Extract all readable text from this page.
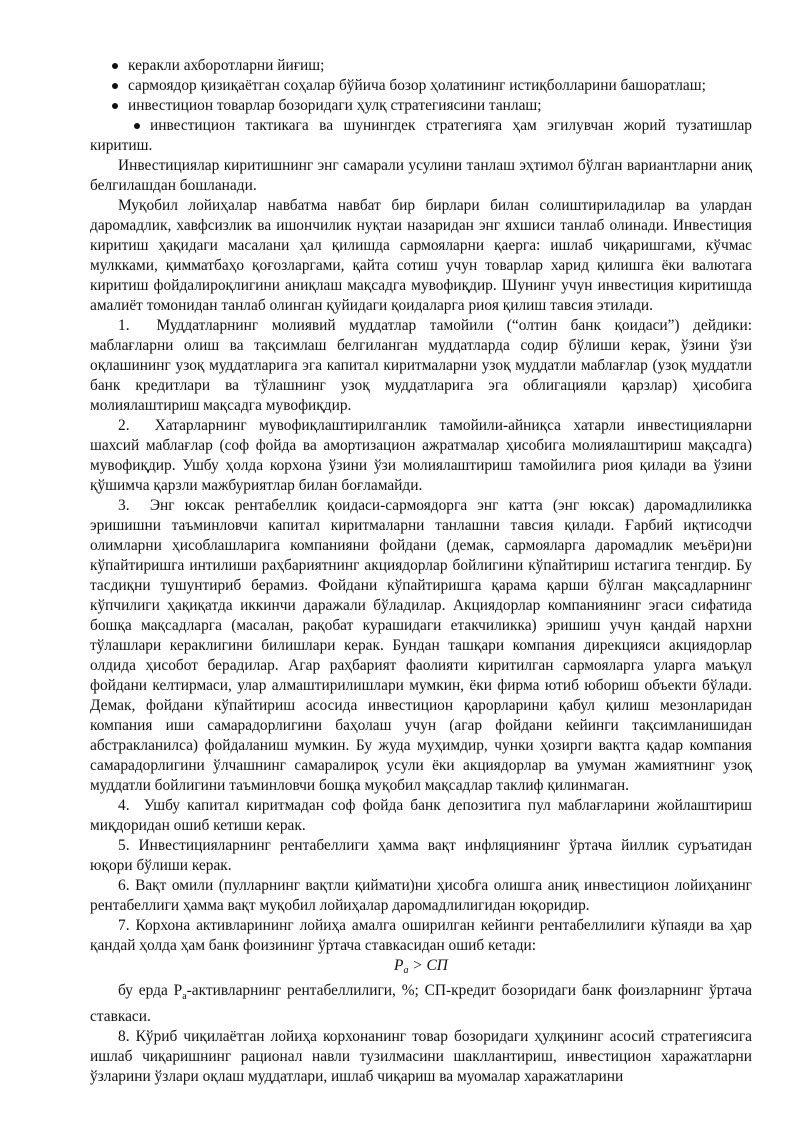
керакли ахборотларни йиғиш;
сармоядор қизиқаётган соҳалар бўйича бозор ҳолатининг истиқболларини башоратлаш;
инвестицион товарлар бозоридаги ҳулқ стратегиясини танлаш;
инвестицион тактикага ва шунингдек стратегияга ҳам эгилувчан жорий тузатишлар киритиш.

Инвестициялар киритишнинг энг самарали усулини танлаш эҳтимол бўлган вариантларни аниқ белгилашдан бошланади.

Муқобил лойиҳалар навбатма навбат бир бирлари билан солиштириладилар ва улардан даромадлик, хавфсизлик ва ишончилик нуқтаи назаридан энг яхшиси танлаб олинади. Инвестиция киритиш ҳақидаги масалани ҳал қилишда сармояларни қаерга: ишлаб чиқаришгами, кўчмас мулкками, қимматбаҳо қоғозларгами, қайта сотиш учун товарлар харид қилишга ёки валютага киритиш фойдалироқлигини аниқлаш мақсадга мувофиқдир. Шунинг учун инвестиция киритишда амалиёт томонидан танлаб олинган қуйидаги қоидаларга риоя қилиш тавсия этилади.

1.  Муддатларнинг молиявий муддатлар тамойили (“олтин банк қоидаси”) дейдики: маблағларни олиш ва тақсимлаш белгиланган муддатларда содир бўлиши керак, ўзини ўзи оқлашининг узоқ муддатларига эга капитал киритмаларни узоқ муддатли маблағлар (узоқ муддатли банк кредитлари ва тўлашнинг узоқ муддатларига эга облигацияли қарзлар) ҳисобига молиялаштириш мақсадга мувофиқдир.

2.  Хатарларнинг мувофиқлаштирилганлик тамойили-айниқса хатарли инвестицияларни шахсий маблағлар (соф фойда ва амортизацион ажратмалар ҳисобига молиялаштириш мақсадга) мувофиқдир. Ушбу ҳолда корхона ўзини ўзи молиялаштириш тамойилига риоя қилади ва ўзини қўшимча қарзли мажбуриятлар билан боғламайди.

3.  Энг юксак рентабеллик қоидаси-сармоядорга энг катта (энг юксак) даромадлиликка эришишни таъминловчи капитал киритмаларни танлашни тавсия қилади. Ғарбий иқтисодчи олимларни ҳисоблашларига компанияни фойдани (демак, сармояларга даромадлик меъёри)ни кўпайтиришга интилиши раҳбариятнинг акциядорлар бойлигини кўпайтириш истагига тенгдир. Бу тасдиқни тушунтириб берамиз. Фойдани кўпайтиришга қарама қарши бўлган мақсадларнинг кўпчилиги ҳақиқатда иккинчи даражали бўладилар. Акциядорлар компаниянинг эгаси сифатида бошқа мақсадларга (масалан, рақобат курашидаги етакчиликка) эришиш учун қандай нархни тўлашлари кераклигини билишлари керак. Бундан ташқари компания дирекцияси акциядорлар олдида ҳисобот берадилар. Агар раҳбарият фаолияти киритилган сармояларга уларга маъқул фойдани келтирмаси, улар алмаштирилишлари мумкин, ёки фирма ютиб юбориш объекти бўлади. Демак, фойдани кўпайтириш асосида инвестицион қарорларини қабул қилиш мезонларидан компания иши самарадорлигини баҳолаш учун (агар фойдани кейинги тақсимланишидан абстракланилса) фойдаланиш мумкин. Бу жуда муҳимдир, чунки ҳозирги вақтга қадар компания самарадорлигини ўлчашнинг самаралироқ усули ёки акциядорлар ва умуман жамиятнинг узоқ муддатли бойлигини таъминловчи бошқа муқобил мақсадлар таклиф қилинмаган.

4.  Ушбу капитал киритмадан соф фойда банк депозитига пул маблағларини жойлаштириш миқдоридан ошиб кетиши керак.

5. Инвестицияларнинг рентабеллиги ҳамма вақт инфляциянинг ўртача йиллик суръатидан юқори бўлиши керак.

6. Вақт омили (пулларнинг вақтли қиймати)ни ҳисобга олишга аниқ инвестицион лойиҳанинг рентабеллиги ҳамма вақт муқобил лойиҳалар даромадлилигидан юқоридир.

7. Корхона активларининг лойиҳа амалга оширилган кейинги рентабеллилиги кўпаяди ва ҳар қандай ҳолда ҳам банк фоизининг ўртача ставкасидан ошиб кетади:

$Р_а$ > СП

бу ерда $Р_а$-активларнинг рентабеллилиги, %; СП-кредит бозоридаги банк фоизларнинг ўртача ставкаси.

8. Кўриб чиқилаётган лойиҳа корхонанинг товар бозоридаги ҳулқининг асосий стратегиясига ишлаб чиқаришнинг рационал навли тузилмасини шакллантириш, инвестицион харажатларни ўзларини ўзлари оқлаш муддатлари, ишлаб чиқариш ва муомалар харажатларини
